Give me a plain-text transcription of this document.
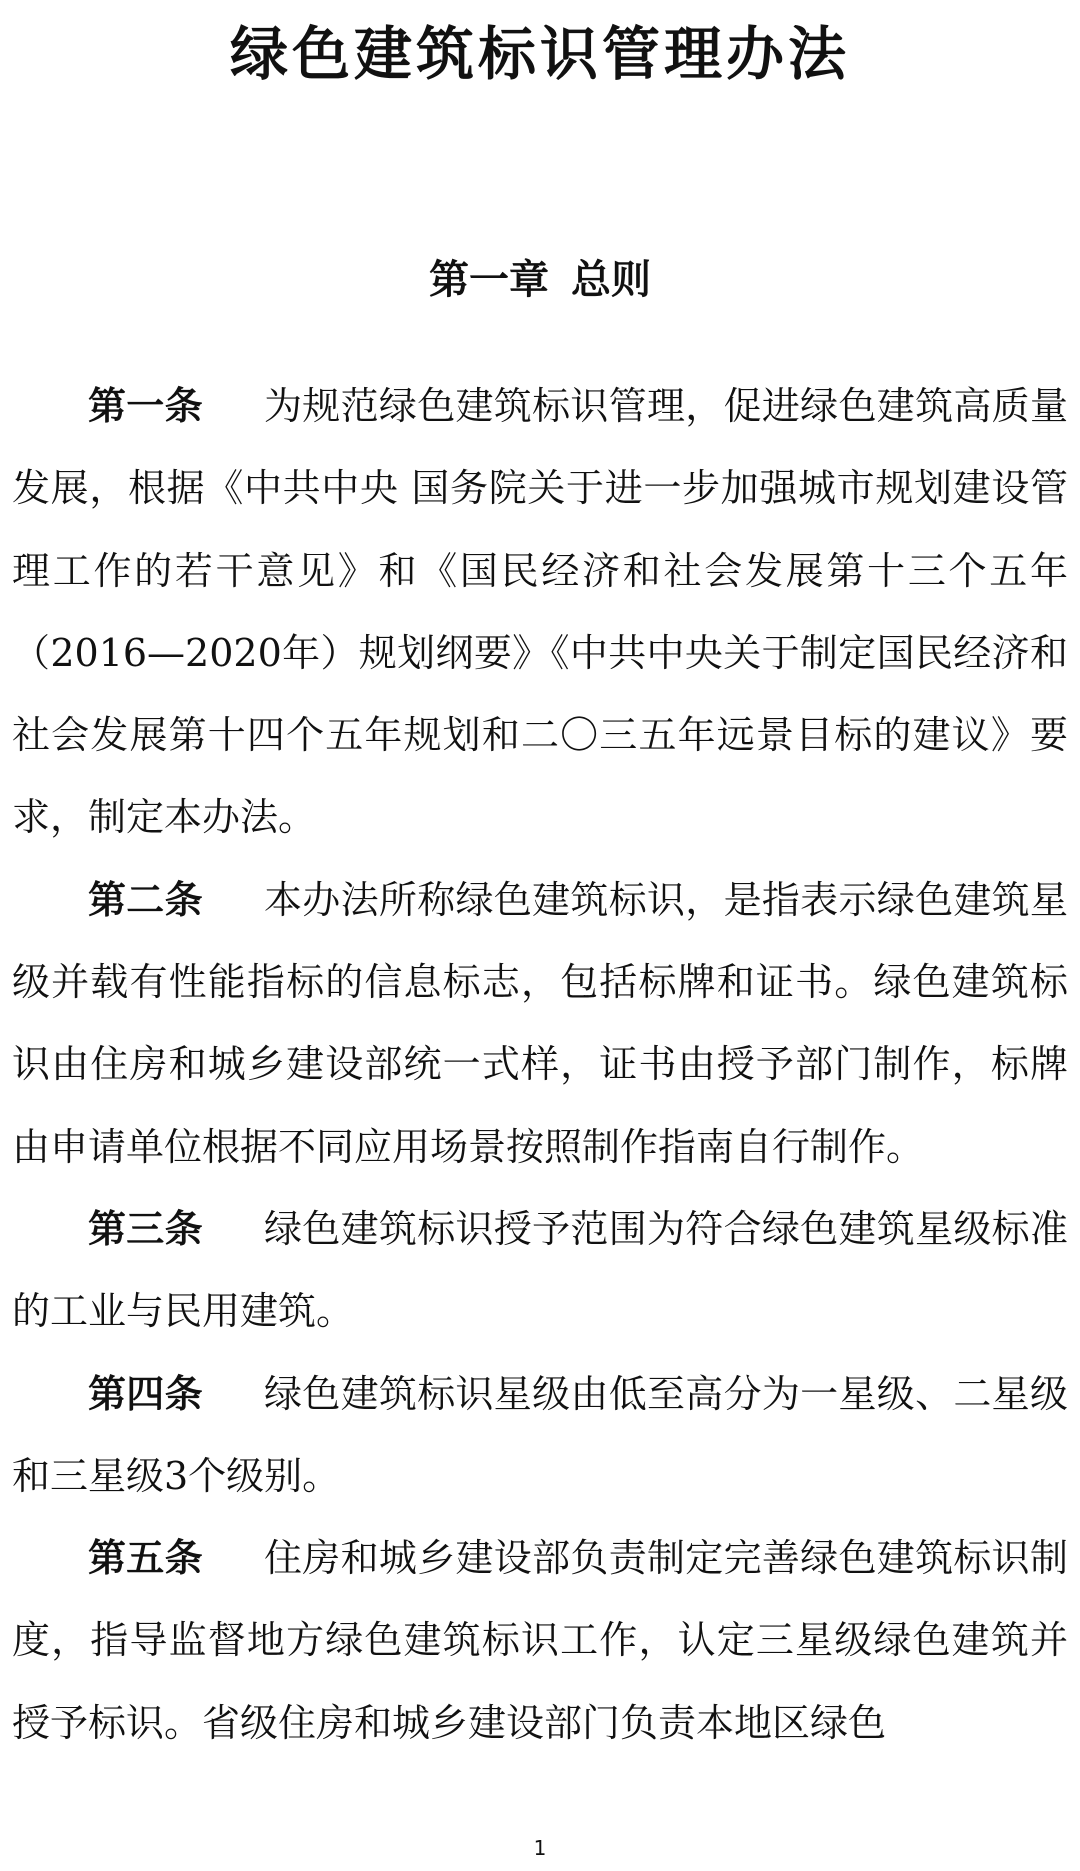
绿色建筑标识管理办法
第一章 总则

第一条 为规范绿色建筑标识管理，促进绿色建筑高质量发展，根据《中共中央 国务院关于进一步加强城市规划建设管理工作的若干意见》和《国民经济和社会发展第十三个五年（2016—2020年）规划纲要》《中共中央关于制定国民经济和社会发展第十四个五年规划和二〇三五年远景目标的建议》要求，制定本办法。

第二条 本办法所称绿色建筑标识，是指表示绿色建筑星级并载有性能指标的信息标志，包括标牌和证书。绿色建筑标识由住房和城乡建设部统一式样，证书由授予部门制作，标牌由申请单位根据不同应用场景按照制作指南自行制作。

第三条 绿色建筑标识授予范围为符合绿色建筑星级标准的工业与民用建筑。

第四条 绿色建筑标识星级由低至高分为一星级、二星级和三星级3个级别。

第五条 住房和城乡建设部负责制定完善绿色建筑标识制度，指导监督地方绿色建筑标识工作，认定三星级绿色建筑并授予标识。省级住房和城乡建设部门负责本地区绿色

1
